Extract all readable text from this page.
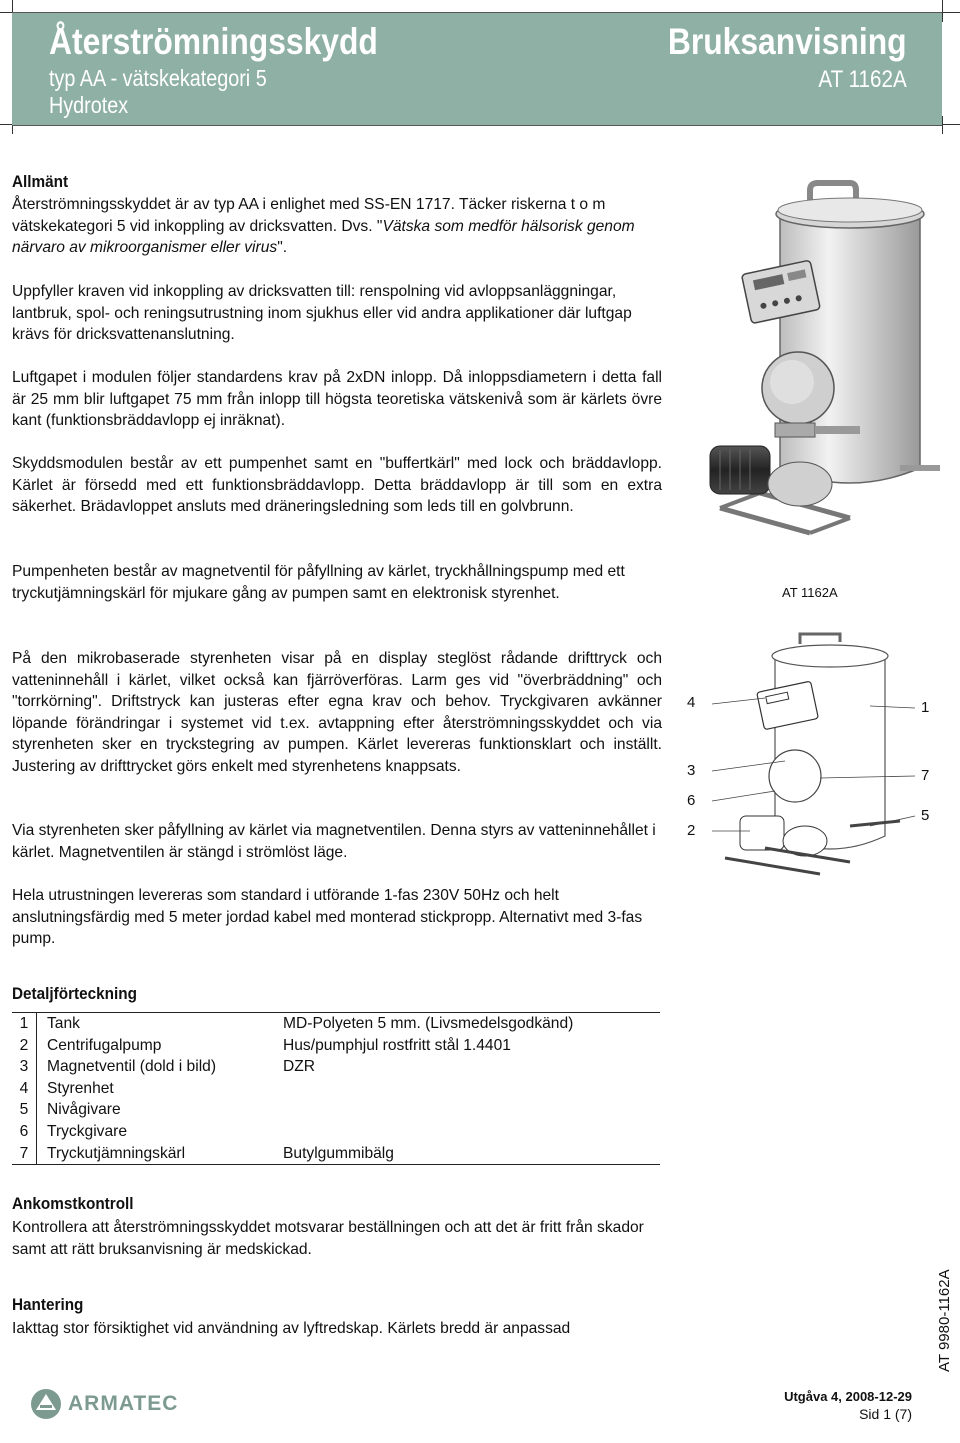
Återströmningsskydd
typ AA - vätskekategori 5
Hydrotex
Bruksanvisning
AT 1162A
Allmänt

Återströmningsskyddet är av typ AA i enlighet med SS-EN 1717. Täcker riskerna t o m vätskekategori 5 vid inkoppling av dricksvatten. Dvs. "Vätska som medför hälsorisk genom närvaro av mikroorganismer eller virus".

Uppfyller kraven vid inkoppling av dricksvatten till: renspolning vid avloppsanläggningar, lantbruk, spol- och reningsutrustning inom sjukhus eller vid andra applikationer där luftgap krävs för dricksvattenanslutning.

Luftgapet i modulen följer standardens krav på 2xDN inlopp. Då inloppsdiametern i detta fall är 25 mm blir luftgapet 75 mm från inlopp till högsta teoretiska vätskenivå som är kärlets övre kant (funktionsbräddavlopp ej inräknat).

Skyddsmodulen består av ett pumpenhet samt en "buffertkärl" med lock och bräddavlopp. Kärlet är försedd med ett funktionsbräddavlopp. Detta bräddavlopp är till som en extra säkerhet. Brädavloppet ansluts med dräneringsledning som leds till en golvbrunn.

Pumpenheten består av magnetventil för påfyllning av kärlet, tryckhållningspump med ett tryckutjämningskärl för mjukare gång av pumpen samt en elektronisk styrenhet.

På den mikrobaserade styrenheten visar på en display steglöst rådande drifttryck och vatteninnehåll i kärlet, vilket också kan fjärröverföras. Larm ges vid "överbräddning" och "torrkörning". Driftstryck kan justeras efter egna krav och behov. Tryckgivaren avkänner löpande förändringar i systemet vid t.ex. avtappning efter återströmningsskyddet och via styrenheten sker en tryckstegring av pumpen. Kärlet levereras funktionsklart och inställt. Justering av drifttrycket görs enkelt med styrenhetens knappsats.

Via styrenheten sker påfyllning av kärlet via magnetventilen. Denna styrs av vatteninnehållet i kärlet. Magnetventilen är stängd i strömlöst läge.

Hela utrustningen levereras som standard i utförande 1-fas 230V 50Hz och helt anslutningsfärdig med 5 meter jordad kabel med monterad stickpropp. Alternativt med 3-fas pump.

Detaljförteckning
1	Tank	MD-Polyeten 5 mm. (Livsmedelsgodkänd)
2	Centrifugalpump	Hus/pumphjul rostfritt stål 1.4401
3	Magnetventil (dold i bild)	DZR
4	Styrenhet	
5	Nivågivare	
6	Tryckgivare	
7	Tryckutjämningskärl	Butylgummibälg
Ankomstkontroll

Kontrollera att återströmningsskyddet motsvarar beställningen och att det är fritt från skador samt att rätt bruksanvisning är medskickad.

Hantering

Iakttag stor försiktighet vid användning av lyftredskap. Kärlets bredd är anpassad

AT 1162A
4
3
6
2
1
7
5
AT 9980-1162A
ARMATEC	Utgåva 4, 2008-12-29
Sid 1 (7)
